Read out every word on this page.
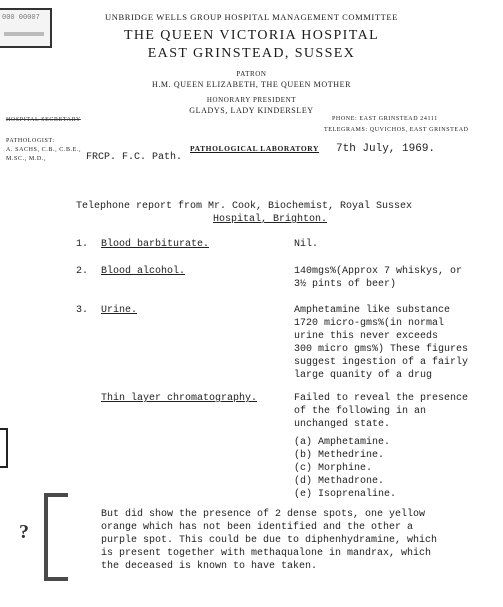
000 00007
?
UNBRIDGE WELLS GROUP HOSPITAL MANAGEMENT COMMITTEE
THE QUEEN VICTORIA HOSPITAL
EAST GRINSTEAD, SUSSEX
PATRON
H.M. QUEEN ELIZABETH, THE QUEEN MOTHER
HONORARY PRESIDENT
GLADYS, LADY KINDERSLEY
HOSPITAL SECRETARY	PHONE: EAST GRINSTEAD 24111
TELEGRAMS: QUVICHOS, EAST GRINSTEAD
PATHOLOGIST:
A. SACHS, C.B., C.B.E.,
M.SC., M.D.,	FRCP. F.C. Path.
PATHOLOGICAL LABORATORY 7th July, 1969.
Telephone report from Mr. Cook, Biochemist, Royal Sussex
Hospital, Brighton.
1. Blood barbiturate.	Nil.
2. Blood alcohol.	140mgs%(Approx 7 whiskys, or
3½ pints of beer)
3. Urine.	Amphetamine like substance
1720 micro-gms%(in normal
urine this never exceeds
300 micro gms%) These figures
suggest ingestion of a fairly
large quanity of a drug
Thin layer chromatography.	Failed to reveal the presence
of the following in an
unchanged state.
(a) Amphetamine.
(b) Methedrine.
(c) Morphine.
(d) Methadrone.
(e) Isoprenaline.
But did show the presence of 2 dense spots, one yellow
orange which has not been identified and the other a
purple spot. This could be due to diphenhydramine, which
is present together with methaqualone in mandrax, which
the deceased is known to have taken.
